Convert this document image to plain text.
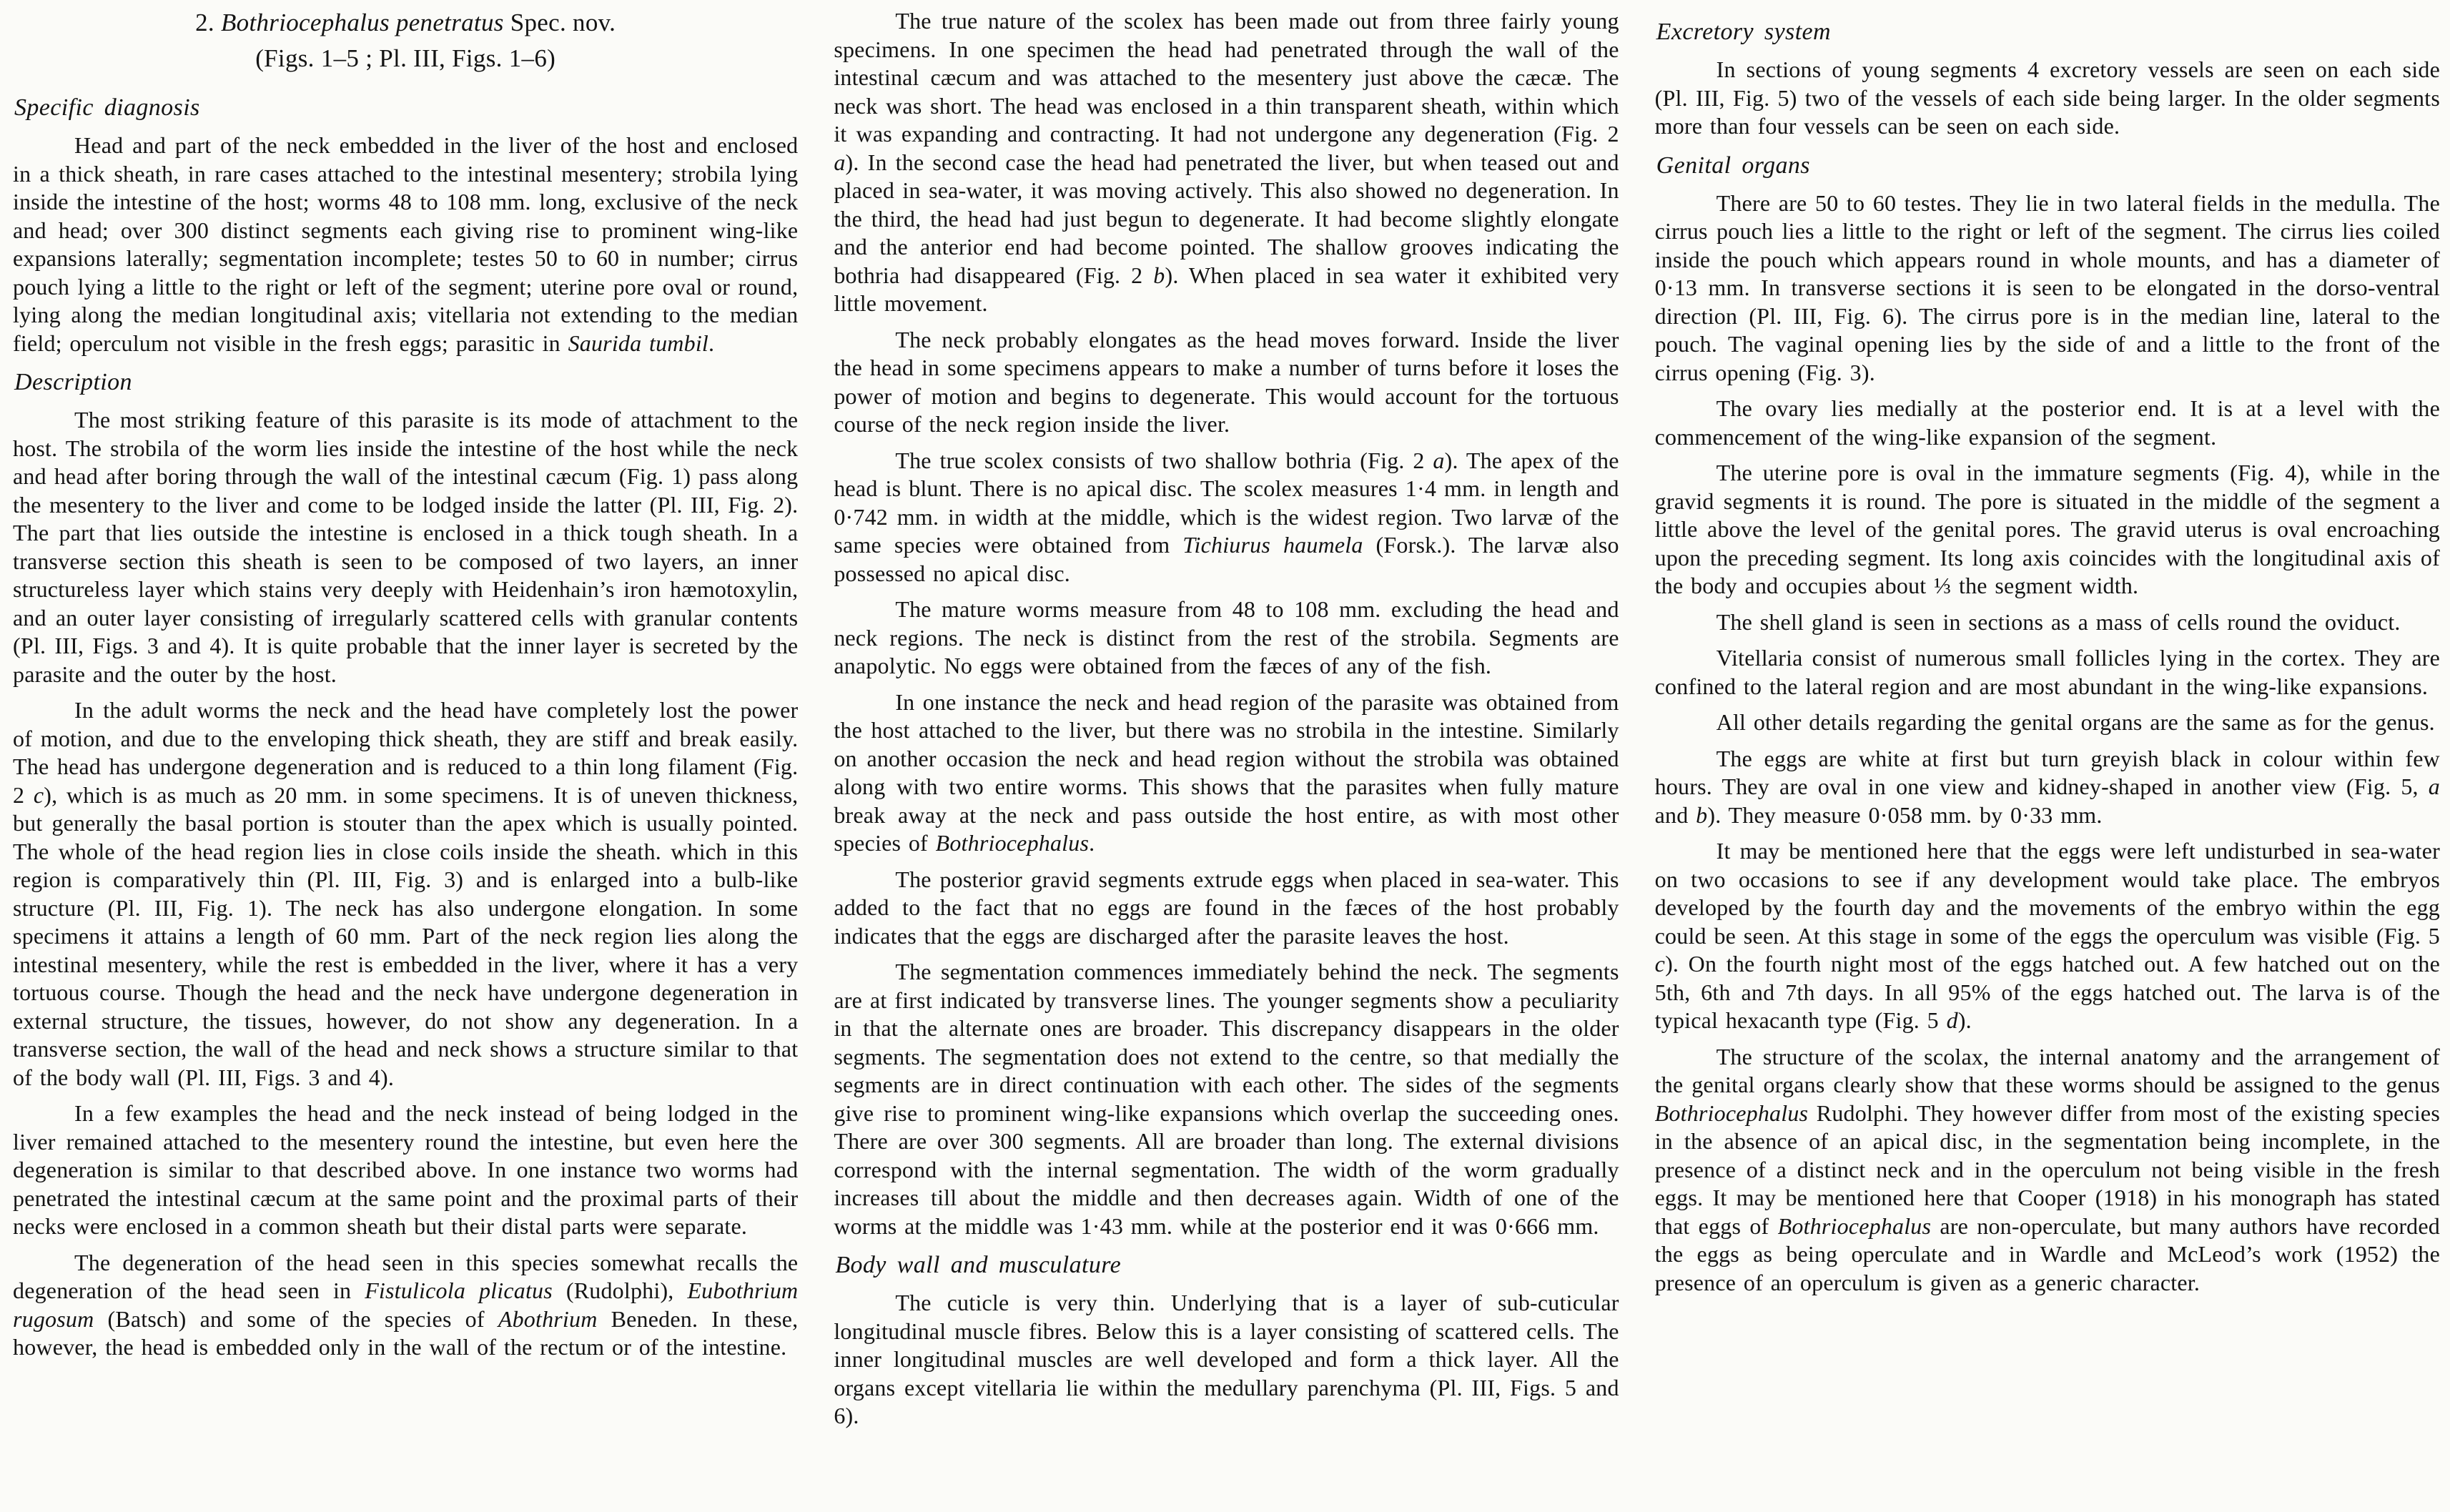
2. Bothriocephalus penetratus Spec. nov.
(Figs. 1–5 ; Pl. III, Figs. 1–6)
Specific diagnosis

Head and part of the neck embedded in the liver of the host and enclosed in a thick sheath, in rare cases attached to the intestinal mesentery; strobila lying inside the intestine of the host; worms 48 to 108 mm. long, exclusive of the neck and head; over 300 distinct segments each giving rise to prominent wing-like expansions laterally; segmentation incomplete; testes 50 to 60 in number; cirrus pouch lying a little to the right or left of the segment; uterine pore oval or round, lying along the median longitudinal axis; vitellaria not extending to the median field; operculum not visible in the fresh eggs; parasitic in Saurida tumbil.

Description

The most striking feature of this parasite is its mode of attachment to the host. The strobila of the worm lies inside the intestine of the host while the neck and head after boring through the wall of the intestinal cæcum (Fig. 1) pass along the mesentery to the liver and come to be lodged inside the latter (Pl. III, Fig. 2). The part that lies outside the intestine is enclosed in a thick tough sheath. In a transverse section this sheath is seen to be composed of two layers, an inner structureless layer which stains very deeply with Heidenhain’s iron hæmotoxylin, and an outer layer consisting of irregularly scattered cells with granular contents (Pl. III, Figs. 3 and 4). It is quite probable that the inner layer is secreted by the parasite and the outer by the host.

In the adult worms the neck and the head have completely lost the power of motion, and due to the enveloping thick sheath, they are stiff and break easily. The head has undergone degeneration and is reduced to a thin long filament (Fig. 2 c), which is as much as 20 mm. in some specimens. It is of uneven thickness, but generally the basal portion is stouter than the apex which is usually pointed. The whole of the head region lies in close coils inside the sheath. which in this region is comparatively thin (Pl. III, Fig. 3) and is enlarged into a bulb-like structure (Pl. III, Fig. 1). The neck has also undergone elongation. In some specimens it attains a length of 60 mm. Part of the neck region lies along the intestinal mesentery, while the rest is embedded in the liver, where it has a very tortuous course. Though the head and the neck have undergone degeneration in external structure, the tissues, however, do not show any degeneration. In a transverse section, the wall of the head and neck shows a structure similar to that of the body wall (Pl. III, Figs. 3 and 4).

In a few examples the head and the neck instead of being lodged in the liver remained attached to the mesentery round the intestine, but even here the degeneration is similar to that described above. In one instance two worms had penetrated the intestinal cæcum at the same point and the proximal parts of their necks were enclosed in a common sheath but their distal parts were separate.

The degeneration of the head seen in this species somewhat recalls the degeneration of the head seen in Fistulicola plicatus (Rudolphi), Eubothrium rugosum (Batsch) and some of the species of Abothrium Beneden. In these, however, the head is embedded only in the wall of the rectum or of the intestine.

The true nature of the scolex has been made out from three fairly young specimens. In one specimen the head had penetrated through the wall of the intestinal cæcum and was attached to the mesentery just above the cæcæ. The neck was short. The head was enclosed in a thin transparent sheath, within which it was expanding and contracting. It had not undergone any degeneration (Fig. 2 a). In the second case the head had penetrated the liver, but when teased out and placed in sea-water, it was moving actively. This also showed no degeneration. In the third, the head had just begun to degenerate. It had become slightly elongate and the anterior end had become pointed. The shallow grooves indicating the bothria had disappeared (Fig. 2 b). When placed in sea water it exhibited very little movement.

The neck probably elongates as the head moves forward. Inside the liver the head in some specimens appears to make a number of turns before it loses the power of motion and begins to degenerate. This would account for the tortuous course of the neck region inside the liver.

The true scolex consists of two shallow bothria (Fig. 2 a). The apex of the head is blunt. There is no apical disc. The scolex measures 1·4 mm. in length and 0·742 mm. in width at the middle, which is the widest region. Two larvæ of the same species were obtained from Tichiurus haumela (Forsk.). The larvæ also possessed no apical disc.

The mature worms measure from 48 to 108 mm. excluding the head and neck regions. The neck is distinct from the rest of the strobila. Segments are anapolytic. No eggs were obtained from the fæces of any of the fish.

In one instance the neck and head region of the parasite was obtained from the host attached to the liver, but there was no strobila in the intestine. Similarly on another occasion the neck and head region without the strobila was obtained along with two entire worms. This shows that the parasites when fully mature break away at the neck and pass outside the host entire, as with most other species of Bothriocephalus.

The posterior gravid segments extrude eggs when placed in sea-water. This added to the fact that no eggs are found in the fæces of the host probably indicates that the eggs are discharged after the parasite leaves the host.

The segmentation commences immediately behind the neck. The segments are at first indicated by transverse lines. The younger segments show a peculiarity in that the alternate ones are broader. This discrepancy disappears in the older segments. The segmentation does not extend to the centre, so that medially the segments are in direct continuation with each other. The sides of the segments give rise to prominent wing-like expansions which overlap the succeeding ones. There are over 300 segments. All are broader than long. The external divisions correspond with the internal segmentation. The width of the worm gradually increases till about the middle and then decreases again. Width of one of the worms at the middle was 1·43 mm. while at the posterior end it was 0·666 mm.

Body wall and musculature

The cuticle is very thin. Underlying that is a layer of sub-cuticular longitudinal muscle fibres. Below this is a layer consisting of scattered cells. The inner longitudinal muscles are well developed and form a thick layer. All the organs except vitellaria lie within the medullary parenchyma (Pl. III, Figs. 5 and 6).

Excretory system

In sections of young segments 4 excretory vessels are seen on each side (Pl. III, Fig. 5) two of the vessels of each side being larger. In the older segments more than four vessels can be seen on each side.

Genital organs

There are 50 to 60 testes. They lie in two lateral fields in the medulla. The cirrus pouch lies a little to the right or left of the segment. The cirrus lies coiled inside the pouch which appears round in whole mounts, and has a diameter of 0·13 mm. In transverse sections it is seen to be elongated in the dorso-ventral direction (Pl. III, Fig. 6). The cirrus pore is in the median line, lateral to the pouch. The vaginal opening lies by the side of and a little to the front of the cirrus opening (Fig. 3).

The ovary lies medially at the posterior end. It is at a level with the commencement of the wing-like expansion of the segment.

The uterine pore is oval in the immature segments (Fig. 4), while in the gravid segments it is round. The pore is situated in the middle of the segment a little above the level of the genital pores. The gravid uterus is oval encroaching upon the preceding segment. Its long axis coincides with the longitudinal axis of the body and occupies about ⅓ the segment width.

The shell gland is seen in sections as a mass of cells round the oviduct.

Vitellaria consist of numerous small follicles lying in the cortex. They are confined to the lateral region and are most abundant in the wing-like expansions.

All other details regarding the genital organs are the same as for the genus.

The eggs are white at first but turn greyish black in colour within few hours. They are oval in one view and kidney-shaped in another view (Fig. 5, a and b). They measure 0·058 mm. by 0·33 mm.

It may be mentioned here that the eggs were left undisturbed in sea-water on two occasions to see if any development would take place. The embryos developed by the fourth day and the movements of the embryo within the egg could be seen. At this stage in some of the eggs the operculum was visible (Fig. 5 c). On the fourth night most of the eggs hatched out. A few hatched out on the 5th, 6th and 7th days. In all 95% of the eggs hatched out. The larva is of the typical hexacanth type (Fig. 5 d).

The structure of the scolax, the internal anatomy and the arrangement of the genital organs clearly show that these worms should be assigned to the genus Bothriocephalus Rudolphi. They however differ from most of the existing species in the absence of an apical disc, in the segmentation being incomplete, in the presence of a distinct neck and in the operculum not being visible in the fresh eggs. It may be mentioned here that Cooper (1918) in his monograph has stated that eggs of Bothriocephalus are non-operculate, but many authors have recorded the eggs as being operculate and in Wardle and McLeod’s work (1952) the presence of an operculum is given as a generic character.
